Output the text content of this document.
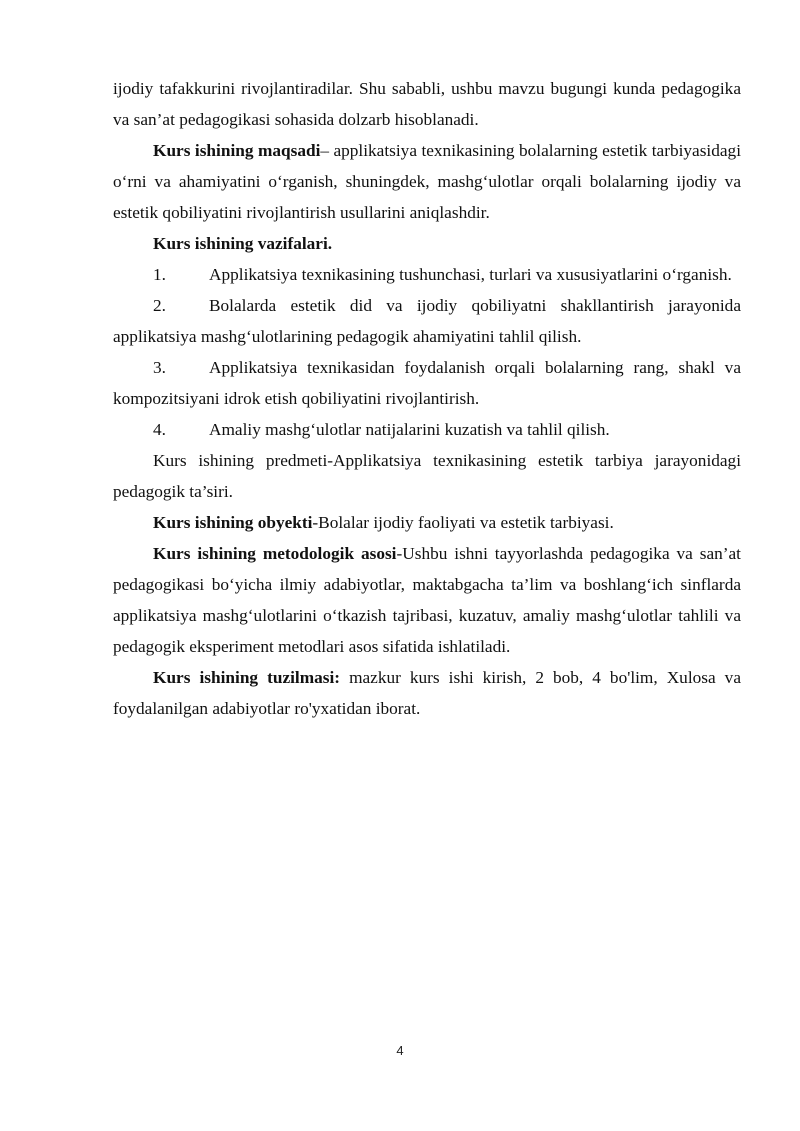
ijodiy tafakkurini rivojlantiradilar. Shu sababli, ushbu mavzu bugungi kunda pedagogika va san’at pedagogikasi sohasida dolzarb hisoblanadi.

Kurs ishining maqsadi– applikatsiya texnikasining bolalarning estetik tarbiyasidagi o‘rni va ahamiyatini o‘rganish, shuningdek, mashg‘ulotlar orqali bolalarning ijodiy va estetik qobiliyatini rivojlantirish usullarini aniqlashdir.

Kurs ishining vazifalari.

1. Applikatsiya texnikasining tushunchasi, turlari va xususiyatlarini o‘rganish.

2. Bolalarda estetik did va ijodiy qobiliyatni shakllantirish jarayonida applikatsiya mashg‘ulotlarining pedagogik ahamiyatini tahlil qilish.

3. Applikatsiya texnikasidan foydalanish orqali bolalarning rang, shakl va kompozitsiyani idrok etish qobiliyatini rivojlantirish.

4. Amaliy mashg‘ulotlar natijalarini kuzatish va tahlil qilish.

Kurs ishining predmeti-Applikatsiya texnikasining estetik tarbiya jarayonidagi pedagogik ta’siri.

Kurs ishining obyekti-Bolalar ijodiy faoliyati va estetik tarbiyasi.

Kurs ishining metodologik asosi-Ushbu ishni tayyorlashda pedagogika va san’at pedagogikasi bo‘yicha ilmiy adabiyotlar, maktabgacha ta’lim va boshlang‘ich sinflarda applikatsiya mashg‘ulotlarini o‘tkazish tajribasi, kuzatuv, amaliy mashg‘ulotlar tahlili va pedagogik eksperiment metodlari asos sifatida ishlatiladi.

Kurs ishining tuzilmasi: mazkur kurs ishi kirish, 2 bob, 4 bo'lim, Xulosa va foydalanilgan adabiyotlar ro'yxatidan iborat.

4
